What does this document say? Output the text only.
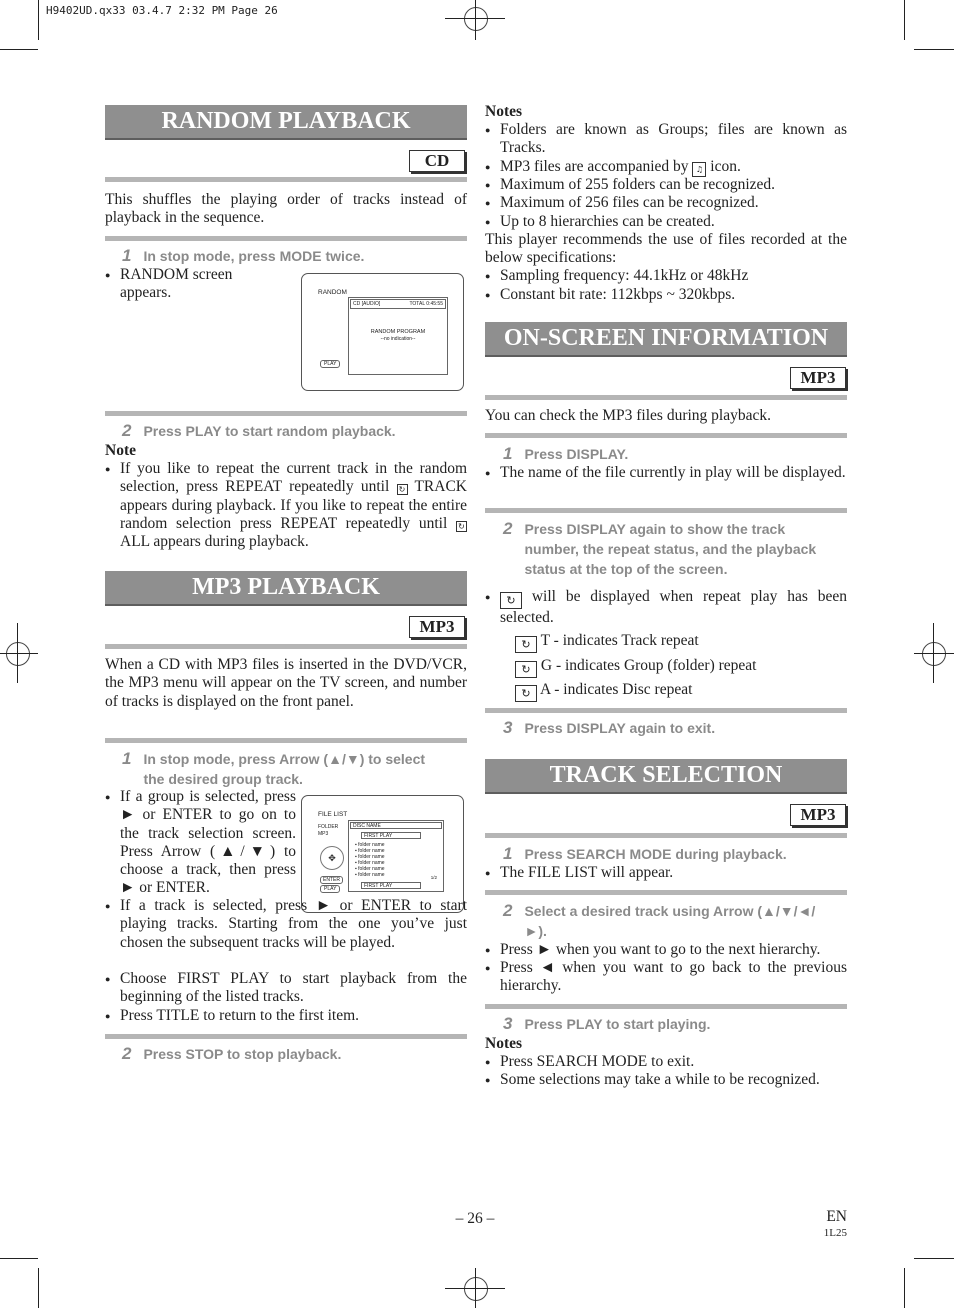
H9402UD.qx33 03.4.7 2:32 PM Page 26
RANDOM PLAYBACK
CD
This shuffles the playing order of tracks instead of playback in the sequence.
1 In stop mode, press MODE twice.
● RANDOM screen appears.	RANDOM
CD [AUDIO]	TOTAL 0:45:55
RANDOM PROGRAM
--no indication--
PLAY
2 Press PLAY to start random playback.
Note
● If you like to repeat the current track in the random selection, press REPEAT repeatedly until ↻ TRACK appears during playback. If you like to repeat the entire random selection press REPEAT repeatedly until ↻ ALL appears during playback.
MP3 PLAYBACK
MP3
When a CD with MP3 files is inserted in the DVD/VCR, the MP3 menu will appear on the TV screen, and number of tracks is displayed on the front panel.
1 In stop mode, press Arrow (▲/▼) to select the desired group track.
● If a group is selected, press ► or ENTER to go on to the track selection screen. Press Arrow (▲/▼) to choose a track, then press ► or ENTER.
FILE LIST
FOLDER
MP3
✥
ENTER
PLAY
DISC NAME
FIRST PLAY
▪ folder name
▪ folder name
▪ folder name
▪ folder name
▪ folder name
▪ folder name	1/2
FIRST PLAY
● If a track is selected, press ► or ENTER to start playing tracks. Starting from the one you’ve just chosen the subsequent tracks will be played.
● Choose FIRST PLAY to start playback from the beginning of the listed tracks.
● Press TITLE to return to the first item.
2 Press STOP to stop playback.
Notes
● Folders are known as Groups; files are known as Tracks.
● MP3 files are accompanied by ♫ icon.
● Maximum of 255 folders can be recognized.
● Maximum of 256 files can be recognized.
● Up to 8 hierarchies can be created.
This player recommends the use of files recorded at the below specifications:
● Sampling frequency: 44.1kHz or 48kHz
● Constant bit rate: 112kbps ~ 320kbps.
ON-SCREEN INFORMATION
MP3
You can check the MP3 files during playback.
1 Press DISPLAY.
● The name of the file currently in play will be displayed.
2 Press DISPLAY again to show the track number, the repeat status, and the playback status at the top of the screen.
● ↻ will be displayed when repeat play has been selected.
↻ T - indicates Track repeat
↻ G - indicates Group (folder) repeat
↻ A - indicates Disc repeat
3 Press DISPLAY again to exit.
TRACK SELECTION
MP3
1 Press SEARCH MODE during playback.
● The FILE LIST will appear.
2 Select a desired track using Arrow (▲/▼/◄/►).
● Press ► when you want to go to the next hierarchy.
● Press ◄ when you want to go back to the previous hierarchy.
3 Press PLAY to start playing.
Notes
● Press SEARCH MODE to exit.
● Some selections may take a while to be recognized.
– 26 –	EN
1L25
